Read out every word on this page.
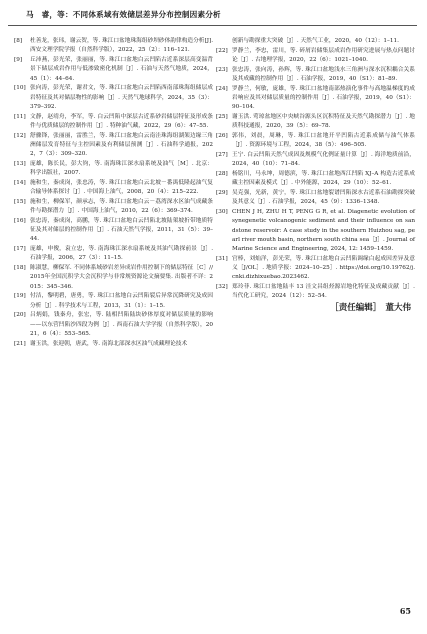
马　睿，等：不同体系域有效储层差异分布控制因素分析
[8]	杜善龙，张玮，谢云贺，等. 珠江口盆地珠海组砂坝砂体韵律构造分析[J]. 西安文理学院学报（自然科学版），2022，25（2）：116–121.
[9]	丘沛燕，彭光荣，张丽丽，等. 珠江口盆地白云凹陷古近系深层高变温背景下储层成岩作用与低渗致密化机制［J］. 石油与天然气地质，2024，45（1）：44–64.
[10] 张向涛，彭光荣，谢君文，等. 珠江口盆地白云凹陷西南部珠海组储层成岩特征及其对储层物性的影响［J］. 天然气地球科学，2024，35（3）：379–392.
[11] 文静，赵靖舟，李军，等. 白云凹陷中深层古近系砂岩储层特征及形成条件与优质储层的控制作用［J］. 特种油气藏，2022，29（6）：47–55.
[12] 舒骤锋，张丽丽，雷胜兰，等. 珠江口盆地白云南洼珠海组湖架边缘三角洲储层发育特征与主控因素及有利储层预测［J］. 石油科学通报，2022，7（3）：309–320.
[13] 庞雄，陈长民，彭大钧，等. 南海珠江深水扇系统及油气［M］. 北京：科学出版社，2007.
[14] 施和生，秦成岗，张忠涛，等. 珠江口盆地白云北坡－番禺低隆起油气复合输导体系探讨［J］. 中国海上油气，2008，20（4）：215–222.
[15] 施和生，柳保军，颜承志，等. 珠江口盆地白云－荔湾深水区油气成藏条件与勘探潜力［J］. 中国海上油气，2010，22（6）：369–374.
[16] 张忠涛，秦成岗，高鹏，等. 珠江口盆地白云凹陷北坡陆架坡折带地质特征及其对储层的控制作用［J］. 石油天然气学报，2011，31（5）：39–44.
[17] 庞雄，申俊，袁立忠，等. 南海珠江深水扇系统及其油气勘探前景［J］. 石油学报，2006，27（3）：11–15.
[18] 陈淑慧，柳保军. 不同体系域砂岩差异成岩作用控制下的储层特征［C］//2015年全国沉积学大会沉积学与非常规资源论文摘要集. 出版者不详：2015：345–346.
[19] 付洁，黎明碧，唐勇，等. 珠江口盆地白云凹陷裂后异常沉降研究及成因分析［J］. 科学技术与工程，2013，31（1）：1–15.
[20] 吕炳娟，钱秦舟，张宏，等. 陆相凹陷陆块砂体厚度对储层质量的影响——以东营凹陷沙四段为例［J］. 西南石油大学学报（自然科学版），2021，6（4）：553–565.
[21] 谢玉洪，张迎朝，唐武，等. 南海北部深水区油气成藏理论技术
创新与勘探重大突破［J］. 天然气工业，2020，40（12）：1–11.
[22] 罗静兰，李忠，雷川，等. 碎屑岩储集层成岩作用研究进展与热点问题讨论［J］. 古地理学报，2020，22（6）：1021–1040.
[23] 张忠涛，张向涛，孙辉，等. 珠江口盆地浅水三角洲与深水沉积耦合关系及其成藏的控制作用［J］. 石油学报，2019，40（S1）：81–89.
[24] 罗静兰，何敏，庞雄，等. 珠江口盆地南部热演化事件与高地温梯度的成岩响应及其对储层质量的控制作用［J］. 石油学报，2019，40（S1）：90–104.
[25] 谢玉洪. 莺琼盆地区中央峡谷源头区沉积特征及天然气勘探潜力［J］. 地质科技通报，2020，39（5）：69–78.
[26] 郭伟，刘晨，周琳，等. 珠江口盆地开平凹陷古近系成储与油气体系［J］. 资源环境与工程，2024，38（5）：496–505.
[27] 王宁. 白云凹陷天然气成因及规模气化例证量计算［J］. 海洋地质前沿，2024，40（10）：71–84.
[28] 杨铭川，马永坤，周德滨，等. 珠江口盆地西江凹陷 XJ–A 构造古近系成藏主控因素及模式［J］. 中外能源，2024，29（10）：52–61.
[29] 吴克强，光新，黄宁，等. 珠江口盆地裂谱凹陷深水古近系石油勘探突破及其意义［J］. 石油学报，2024，45（9）：1336–1348.
[30] CHEN J H, ZHU H T, PENG G R, et al. Diagenetic evolution of synegenetic volcanogenic sediment and their influence on sandstone reservoir: A case study in the southern Huizhou sag, pearl river mouth basin, northern south china sea［J］. Journal of Marine Science and Engineering, 2024, 12: 1459–1459.
[31] 官棒，刘灿洋，彭光荣，等. 珠江口盆地白云凹陷调缘白起成因差异及意义［J/OL］. 地质学报：2024–10–25］. https://doi.org/10.19762/j.cnki.dizhixuebao.2023462.
[32] 郑玲菲. 珠江口盆地陆丰 13 洼文昌组烃源岩地化特征及成藏贡献［J］. 当代化工研究，2024（12）：52–54.
［责任编辑］　董大伟
65
